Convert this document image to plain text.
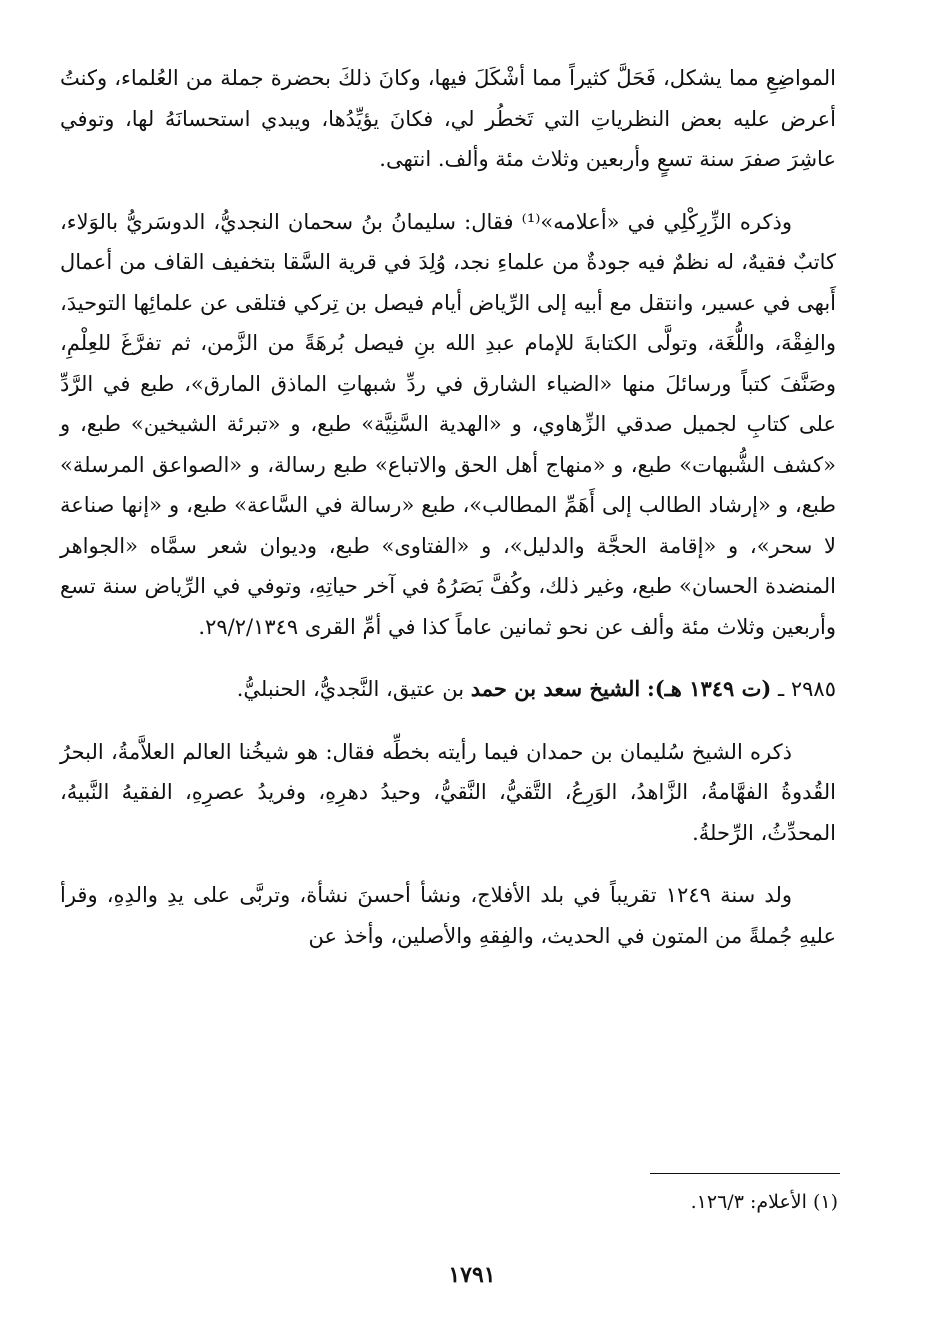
المواضِعِ مما يشكل، فَحَلَّ كثيراً مما أشْكَلَ فيها، وكانَ ذلكَ بحضرة جملة من العُلماء، وكنتُ أعرض عليه بعض النظرياتِ التي تَخطُر لي، فكانَ يؤيِّدُها، ويبدي استحسانَهُ لها، وتوفي عاشِرَ صفرَ سنة تسعٍ وأربعين وثلاث مئة وألف. انتهى.

وذكره الزِّرِكْلِي في «أعلامه»⁽¹⁾ فقال: سليمانُ بنُ سحمان النجديُّ، الدوسَريُّ بالوَلاء، كاتبٌ فقيهٌ، له نظمٌ فيه جودةٌ من علماءِ نجد، وُلِدَ في قرية السَّقا بتخفيف القاف من أعمال أَبهى في عسير، وانتقل مع أبيه إلى الرِّياض أيام فيصل بن تِركي فتلقى عن علمائِها التوحيدَ، والفِقْهَ، واللُّغَة، وتولَّى الكتابةَ للإمام عبدِ الله بنِ فيصل بُرهَةً من الزَّمن، ثم تفرَّغَ للعِلْمِ، وصَنَّفَ كتباً ورسائلَ منها «الضياء الشارق في ردِّ شبهاتِ الماذق المارق»، طبع في الرَّدِّ على كتابِ لجميل صدقي الزِّهاوي، و «الهدية السَّنِيَّة» طبع، و «تبرئة الشيخين» طبع، و «كشف الشُّبهات» طبع، و «منهاج أهل الحق والاتباع» طبع رسالة، و «الصواعق المرسلة» طبع، و «إرشاد الطالب إلى أَهَمِّ المطالب»، طبع «رسالة في السَّاعة» طبع، و «إنها صناعة لا سحر»، و «إقامة الحجَّة والدليل»، و «الفتاوى» طبع، وديوان شعر سمَّاه «الجواهر المنضدة الحسان» طبع، وغير ذلك، وكُفَّ بَصَرُهُ في آخر حياتِهِ، وتوفي في الرِّياض سنة تسع وأربعين وثلاث مئة وألف عن نحو ثمانين عاماً كذا في أمِّ القرى ٢٩/٢/١٣٤٩.

٢٩٨٥ ـ (ت ١٣٤٩ هـ): الشيخ سعد بن حمد بن عتيق، النَّجديُّ، الحنبليُّ.

ذكره الشيخ سُليمان بن حمدان فيما رأيته بخطِّه فقال: هو شيخُنا العالم العلاَّمةُ، البحرُ القُدوةُ الفهَّامةُ، الزَّاهدُ، الوَرِعُ، التَّقيُّ، النَّقيُّ، وحيدُ دهرِهِ، وفريدُ عصرِهِ، الفقيهُ النَّبيهُ، المحدِّثُ، الرِّحلةُ.

ولد سنة ١٢٤٩ تقريباً في بلد الأفلاج، ونشأ أحسنَ نشأة، وتربَّى على يدِ والدِهِ، وقرأ عليهِ جُملةً من المتون في الحديث، والفِقهِ والأصلين، وأخذ عن

(١) الأعلام: ١٢٦/٣.
١٧٩١
